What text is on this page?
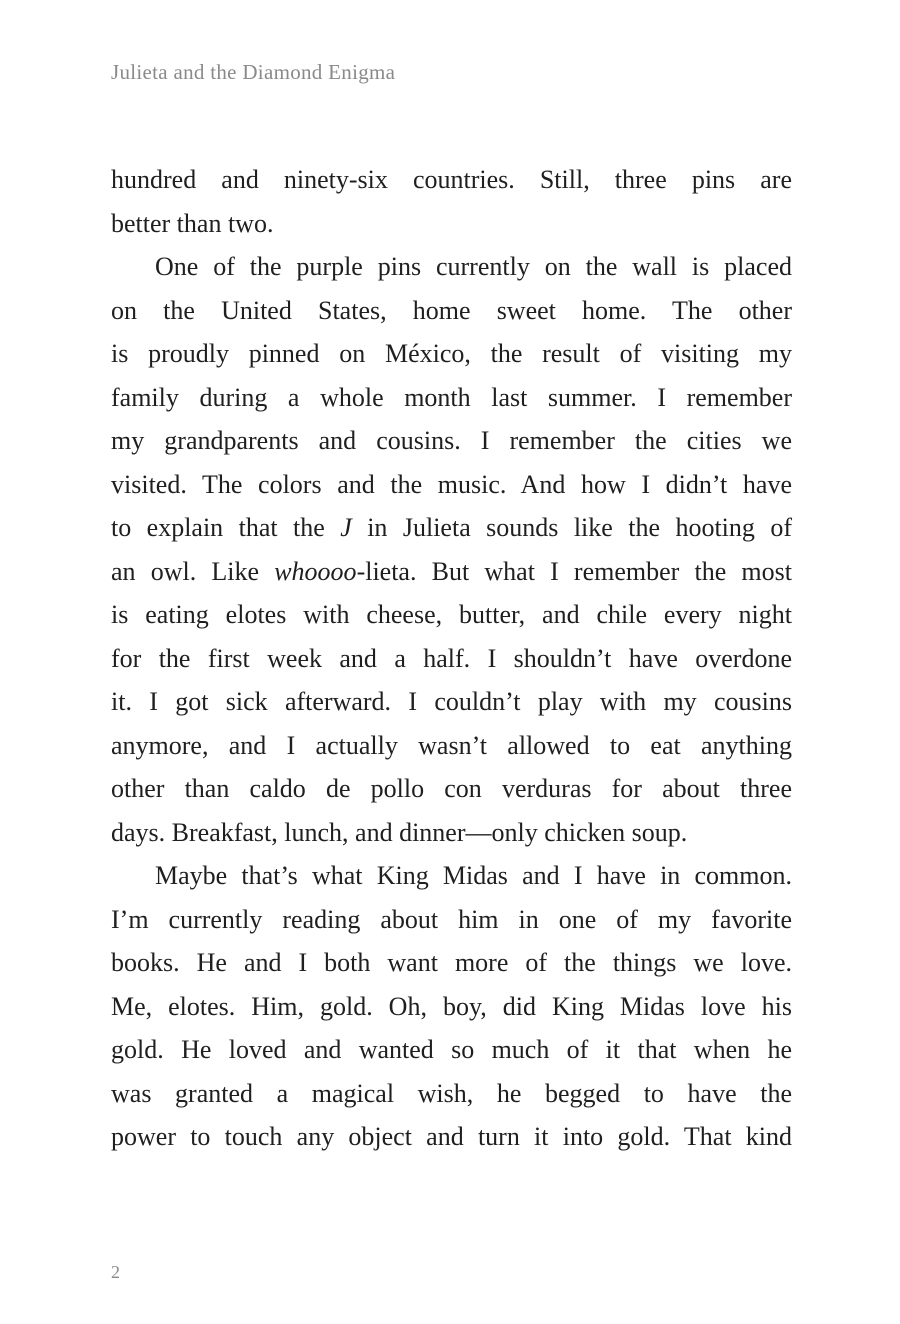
Julieta and the Diamond Enigma
hundred and ninety-six countries. Still, three pins are
better than two.
One of the purple pins currently on the wall is placed
on the United States, home sweet home. The other
is proudly pinned on México, the result of visiting my
family during a whole month last summer. I remember
my grandparents and cousins. I remember the cities we
visited. The colors and the music. And how I didn’t have
to explain that the J in Julieta sounds like the hooting of
an owl. Like whoooo-lieta. But what I remember the most
is eating elotes with cheese, butter, and chile every night
for the first week and a half. I shouldn’t have overdone
it. I got sick afterward. I couldn’t play with my cousins
anymore, and I actually wasn’t allowed to eat anything
other than caldo de pollo con verduras for about three
days. Breakfast, lunch, and dinner—only chicken soup.
Maybe that’s what King Midas and I have in common.
I’m currently reading about him in one of my favorite
books. He and I both want more of the things we love.
Me, elotes. Him, gold. Oh, boy, did King Midas love his
gold. He loved and wanted so much of it that when he
was granted a magical wish, he begged to have the
power to touch any object and turn it into gold. That kind
2
